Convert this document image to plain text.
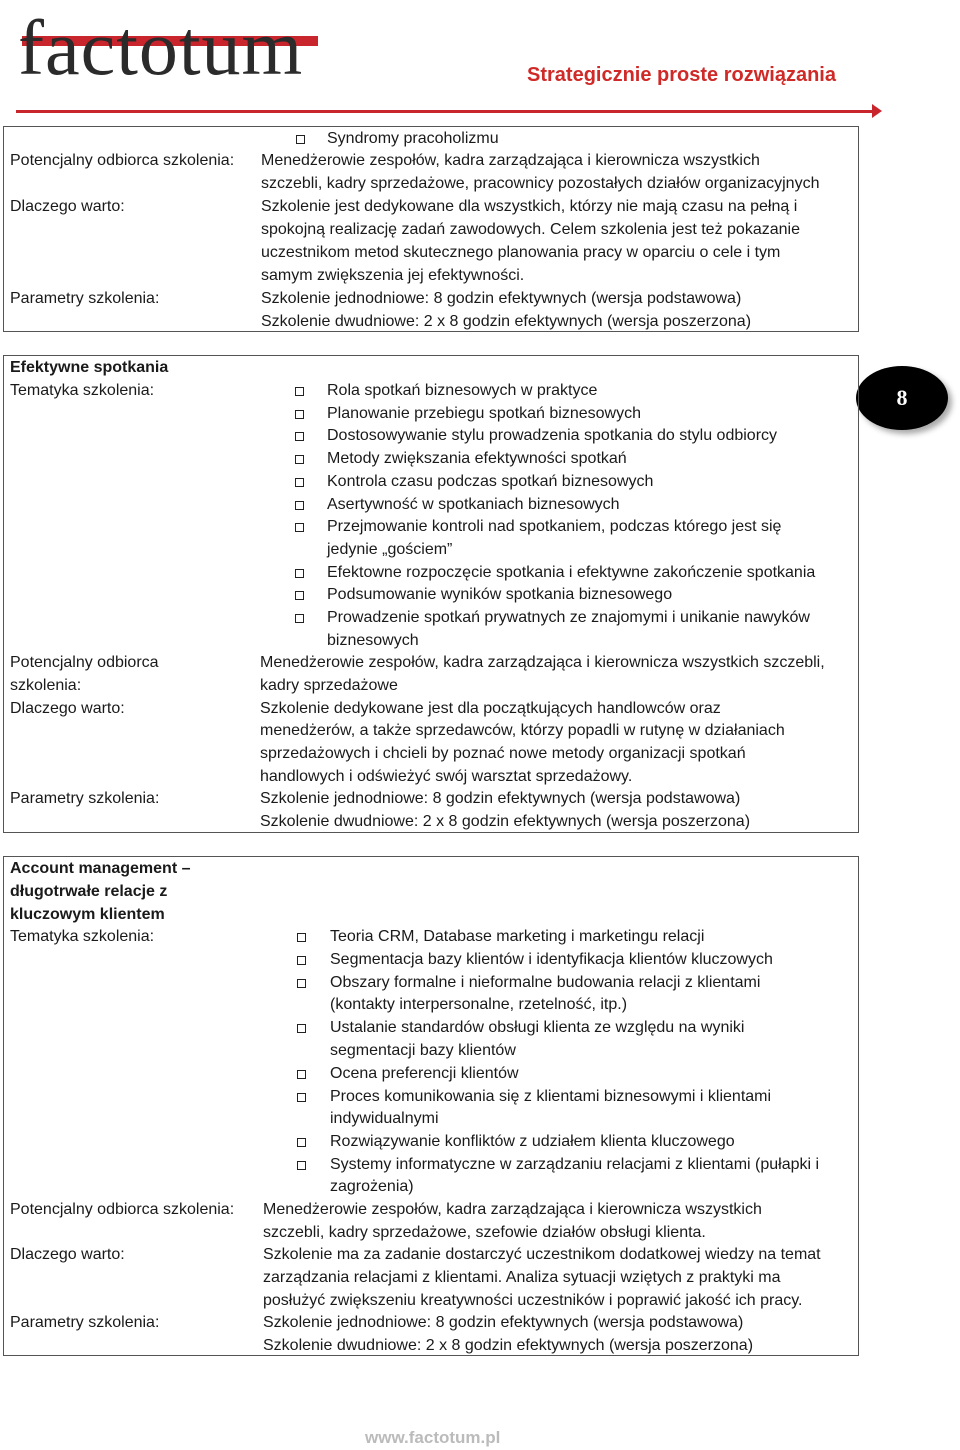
factotum	Strategicznie proste rozwiązania
Syndromy pracoholizmu
Potencjalny odbiorca szkolenia: Menedżerowie zespołów, kadra zarządzająca i kierownicza wszystkich
szczebli, kadry sprzedażowe, pracownicy pozostałych działów organizacyjnych
Dlaczego warto:	Szkolenie jest dedykowane dla wszystkich, którzy nie mają czasu na pełną i
spokojną realizację zadań zawodowych. Celem szkolenia jest też pokazanie
uczestnikom metod skutecznego planowania pracy w oparciu o cele i tym
samym zwiększenia jej efektywności.
Parametry szkolenia:	Szkolenie jednodniowe: 8 godzin efektywnych (wersja podstawowa)
Szkolenie dwudniowe: 2 x 8 godzin efektywnych (wersja poszerzona)
8
Efektywne spotkania
Tematyka szkolenia:	Rola spotkań biznesowych w praktyce
Planowanie przebiegu spotkań biznesowych
Dostosowywanie stylu prowadzenia spotkania do stylu odbiorcy
Metody zwiększania efektywności spotkań
Kontrola czasu podczas spotkań biznesowych
Asertywność w spotkaniach biznesowych
Przejmowanie kontroli nad spotkaniem, podczas którego jest się
jedynie „gościem”
Efektowne rozpoczęcie spotkania i efektywne zakończenie spotkania
Podsumowanie wyników spotkania biznesowego
Prowadzenie spotkań prywatnych ze znajomymi i unikanie nawyków
biznesowych
Potencjalny odbiorca
szkolenia:
Menedżerowie zespołów, kadra zarządzająca i kierownicza wszystkich szczebli,
kadry sprzedażowe
Dlaczego warto:	Szkolenie dedykowane jest dla początkujących handlowców oraz
menedżerów, a także sprzedawców, którzy popadli w rutynę w działaniach
sprzedażowych i chcieli by poznać nowe metody organizacji spotkań
handlowych i odświeżyć swój warsztat sprzedażowy.
Parametry szkolenia:	Szkolenie jednodniowe: 8 godzin efektywnych (wersja podstawowa)
Szkolenie dwudniowe: 2 x 8 godzin efektywnych (wersja poszerzona)
Account management –
długotrwałe relacje z
kluczowym klientem
Tematyka szkolenia:	Teoria CRM, Database marketing i marketingu relacji
Segmentacja bazy klientów i identyfikacja klientów kluczowych
Obszary formalne i nieformalne budowania relacji z klientami
(kontakty interpersonalne, rzetelność, itp.)
Ustalanie standardów obsługi klienta ze względu na wyniki
segmentacji bazy klientów
Ocena preferencji klientów
Proces komunikowania się z klientami biznesowymi i klientami
indywidualnymi
Rozwiązywanie konfliktów z udziałem klienta kluczowego
Systemy informatyczne w zarządzaniu relacjami z klientami (pułapki i
zagrożenia)
Potencjalny odbiorca szkolenia: Menedżerowie zespołów, kadra zarządzająca i kierownicza wszystkich
szczebli, kadry sprzedażowe, szefowie działów obsługi klienta.
Dlaczego warto:	Szkolenie ma za zadanie dostarczyć uczestnikom dodatkowej wiedzy na temat
zarządzania relacjami z klientami. Analiza sytuacji wziętych z praktyki ma
posłużyć zwiększeniu kreatywności uczestników i poprawić jakość ich pracy.
Parametry szkolenia:	Szkolenie jednodniowe: 8 godzin efektywnych (wersja podstawowa)
Szkolenie dwudniowe: 2 x 8 godzin efektywnych (wersja poszerzona)
www.factotum.pl
